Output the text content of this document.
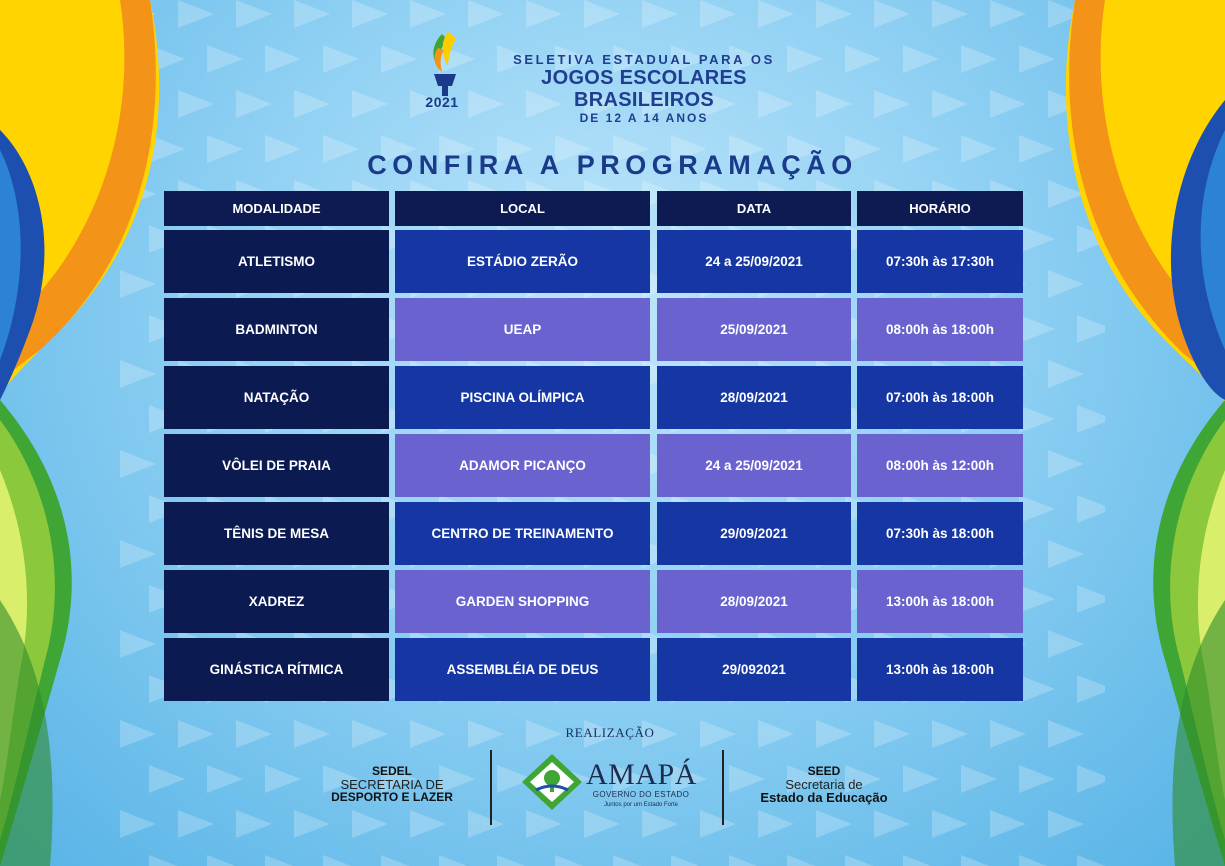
2021
SELETIVA ESTADUAL PARA OS
JOGOS ESCOLARES BRASILEIROS
DE 12 A 14 ANOS
CONFIRA A PROGRAMAÇÃO
MODALIDADE	LOCAL	DATA	HORÁRIO
ATLETISMO	ESTÁDIO ZERÃO	24 a 25/09/2021	07:30h às 17:30h
BADMINTON	UEAP	25/09/2021	08:00h às 18:00h
NATAÇÃO	PISCINA OLÍMPICA	28/09/2021	07:00h às 18:00h
VÔLEI DE PRAIA	ADAMOR PICANÇO	24 a 25/09/2021	08:00h às 12:00h
TÊNIS DE MESA	CENTRO DE TREINAMENTO	29/09/2021	07:30h às 18:00h
XADREZ	GARDEN SHOPPING	28/09/2021	13:00h às 18:00h
GINÁSTICA RÍTMICA	ASSEMBLÉIA DE DEUS	29/092021	13:00h às 18:00h
REALIZAÇÃO
SEDEL
SECRETARIA DE
DESPORTO E LAZER
AMAPÁ
GOVERNO DO ESTADO
Juntos por um Estado Forte
SEED
Secretaria de
Estado da Educação
